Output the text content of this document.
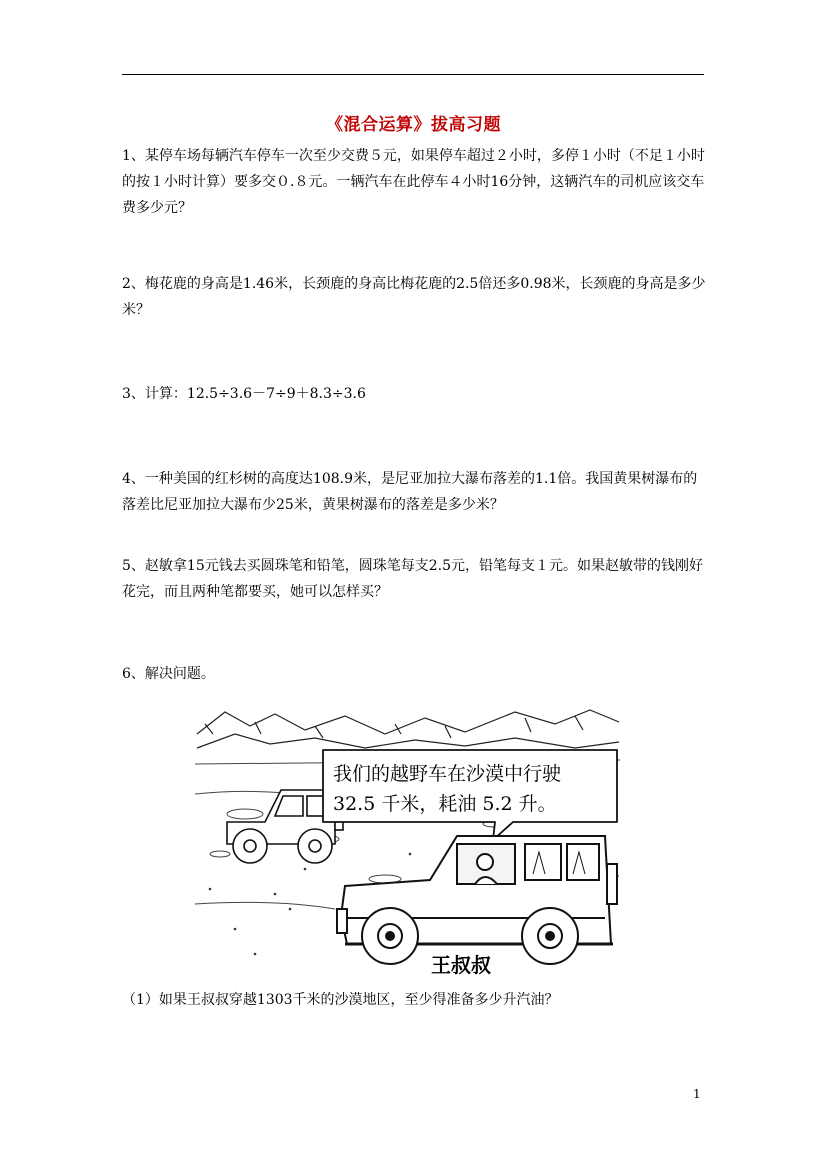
《混合运算》拔高习题
1、某停车场每辆汽车停车一次至少交费５元，如果停车超过２小时，多停１小时（不足１小时的按１小时计算）要多交０.８元。一辆汽车在此停车４小时16分钟，这辆汽车的司机应该交车费多少元？
2、梅花鹿的身高是1.46米，长颈鹿的身高比梅花鹿的2.5倍还多0.98米，长颈鹿的身高是多少米？
3、计算：12.5÷3.6－7÷9＋8.3÷3.6
4、一种美国的红杉树的高度达108.9米，是尼亚加拉大瀑布落差的1.1倍。我国黄果树瀑布的落差比尼亚加拉大瀑布少25米，黄果树瀑布的落差是多少米？
5、赵敏拿15元钱去买圆珠笔和铅笔，圆珠笔每支2.5元，铅笔每支１元。如果赵敏带的钱刚好花完，而且两种笔都要买，她可以怎样买？
6、解决问题。
我们的越野车在沙漠中行驶
32.5 千米，耗油 5.2 升。
王叔叔
（1）如果王叔叔穿越1303千米的沙漠地区，至少得准备多少升汽油？
1
